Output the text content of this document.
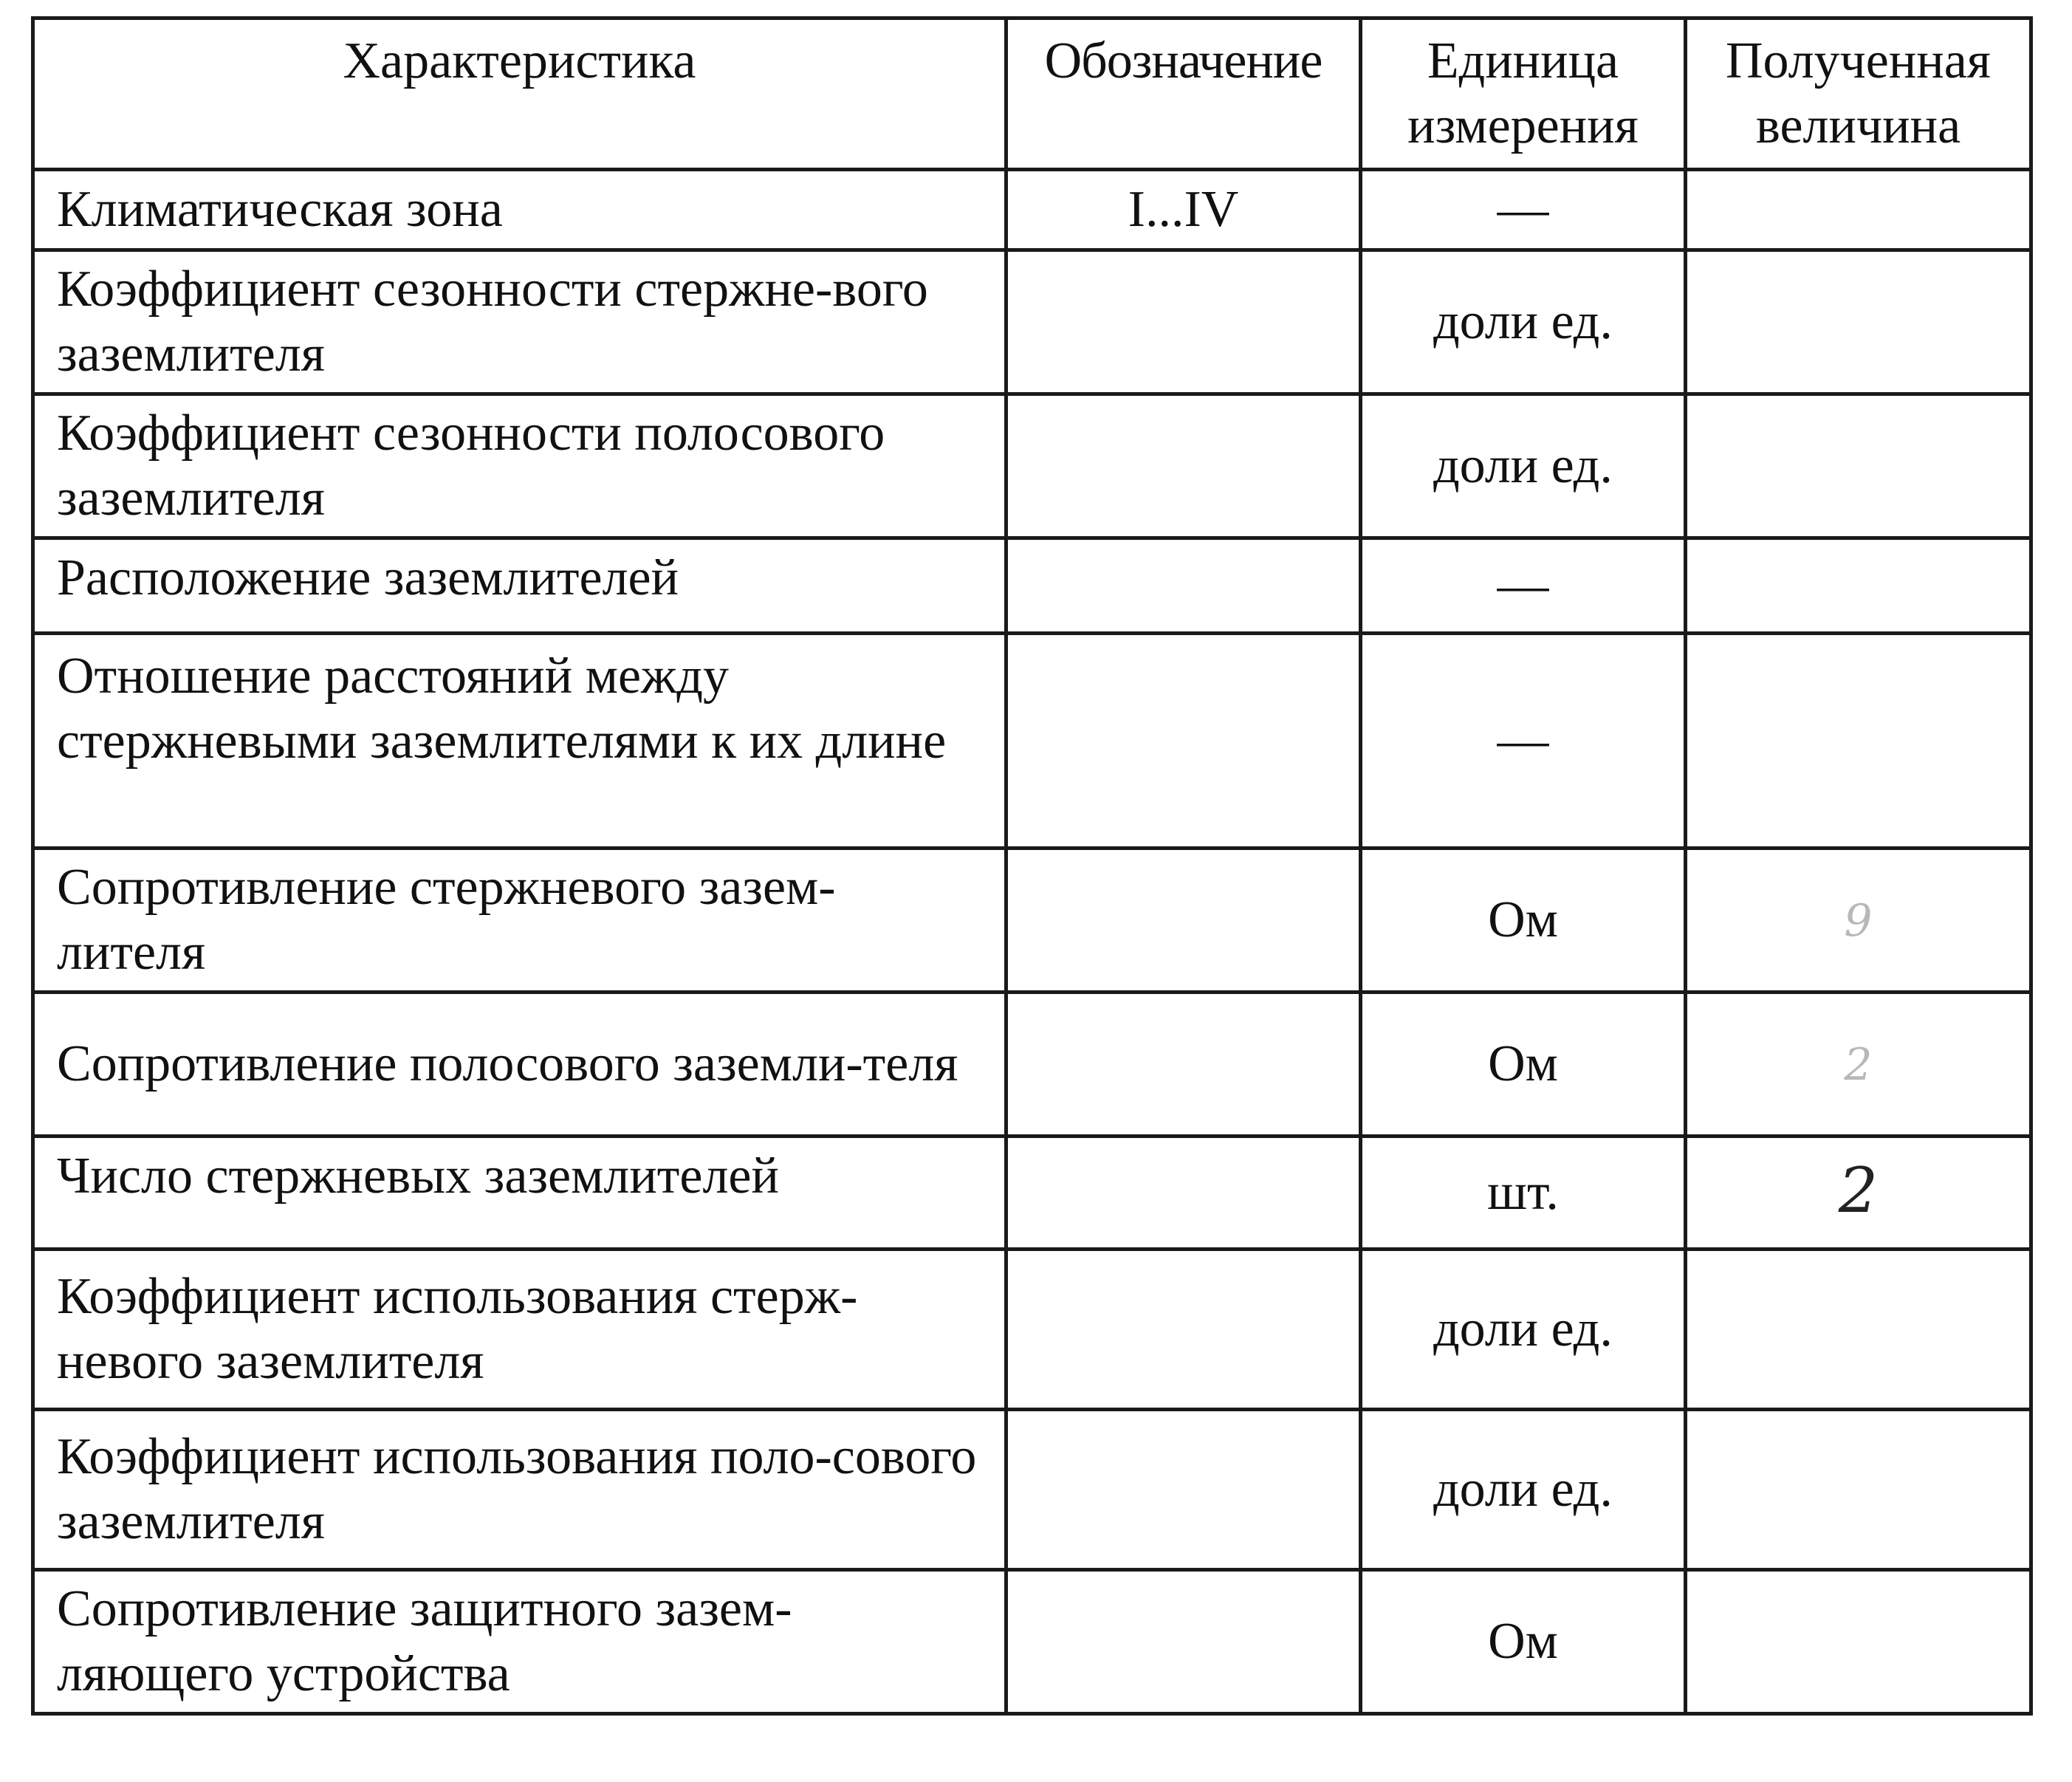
Характеристика	Обозначение	Единица измерения	Полученная величина
Климатическая зона	I...IV	—	
Коэффициент сезонности стержне-вого заземлителя		доли ед.	
Коэффициент сезонности полосового заземлителя		доли ед.	
Расположение заземлителей		—	
Отношение расстояний между стержневыми заземлителями к их длине		—	
Сопротивление стержневого зазем-лителя		Ом	9
Сопротивление полосового заземли-теля		Ом	2
Число стержневых заземлителей		шт.	2
Коэффициент использования стерж-невого заземлителя		доли ед.	
Коэффициент использования поло-сового заземлителя		доли ед.	
Сопротивление защитного зазем-ляющего устройства		Ом	
